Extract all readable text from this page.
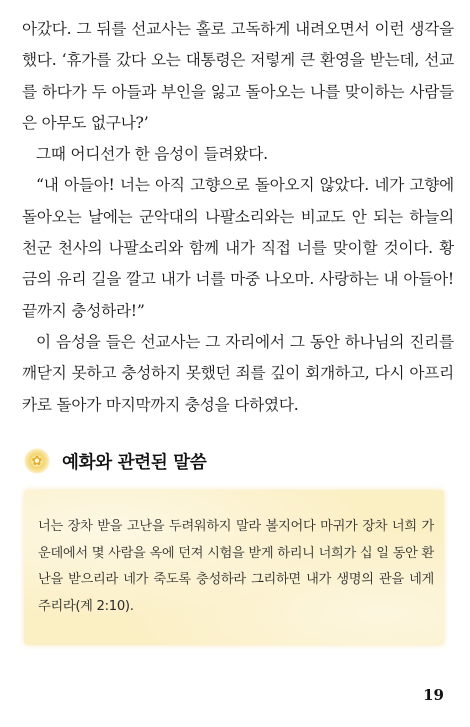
아갔다. 그 뒤를 선교사는 홀로 고독하게 내려오면서 이런 생각을 했다. ‘휴가를 갔다 오는 대통령은 저렇게 큰 환영을 받는데, 선교를 하다가 두 아들과 부인을 잃고 돌아오는 나를 맞이하는 사람들은 아무도 없구나?’

그때 어디선가 한 음성이 들려왔다.

“내 아들아! 너는 아직 고향으로 돌아오지 않았다. 네가 고향에 돌아오는 날에는 군악대의 나팔소리와는 비교도 안 되는 하늘의 천군 천사의 나팔소리와 함께 내가 직접 너를 맞이할 것이다. 황금의 유리 길을 깔고 내가 너를 마중 나오마. 사랑하는 내 아들아! 끝까지 충성하라!”

이 음성을 들은 선교사는 그 자리에서 그 동안 하나님의 진리를 깨닫지 못하고 충성하지 못했던 죄를 깊이 회개하고, 다시 아프리카로 돌아가 마지막까지 충성을 다하였다.

✿	예화와 관련된 말씀
너는 장차 받을 고난을 두려워하지 말라 볼지어다 마귀가 장차 너희 가운데에서 몇 사람을 옥에 던져 시험을 받게 하리니 너희가 십 일 동안 환난을 받으리라 네가 죽도록 충성하라 그리하면 내가 생명의 관을 네게 주리라(계 2:10).
19
